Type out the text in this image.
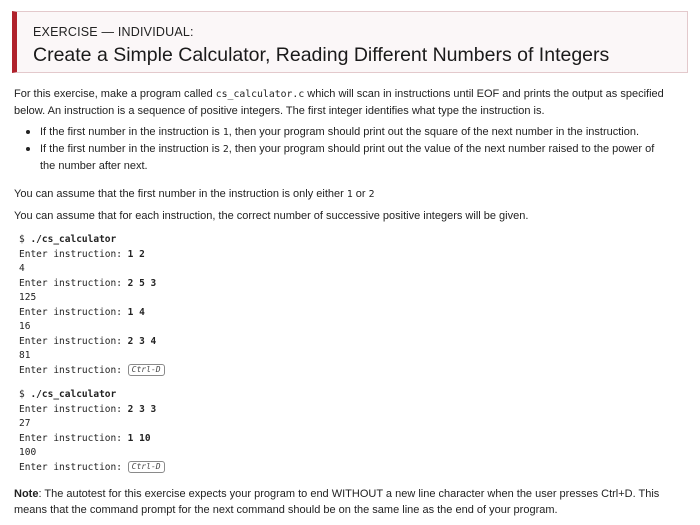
EXERCISE — INDIVIDUAL:
Create a Simple Calculator, Reading Different Numbers of Integers
For this exercise, make a program called cs_calculator.c which will scan in instructions until EOF and prints the output as specified
below. An instruction is a sequence of positive integers. The first integer identifies what type the instruction is.
If the first number in the instruction is 1, then your program should print out the square of the next number in the instruction.
If the first number in the instruction is 2, then your program should print out the value of the next number raised to the power of
the number after next.
You can assume that the first number in the instruction is only either 1 or 2
You can assume that for each instruction, the correct number of successive positive integers will be given.
$ ./cs_calculator
Enter instruction: 1 2
4
Enter instruction: 2 5 3
125
Enter instruction: 1 4
16
Enter instruction: 2 3 4
81
Enter instruction: Ctrl-D
$ ./cs_calculator
Enter instruction: 2 3 3
27
Enter instruction: 1 10
100
Enter instruction: Ctrl-D
Note: The autotest for this exercise expects your program to end WITHOUT a new line character when the user presses Ctrl+D. This
means that the command prompt for the next command should be on the same line as the end of your program.
